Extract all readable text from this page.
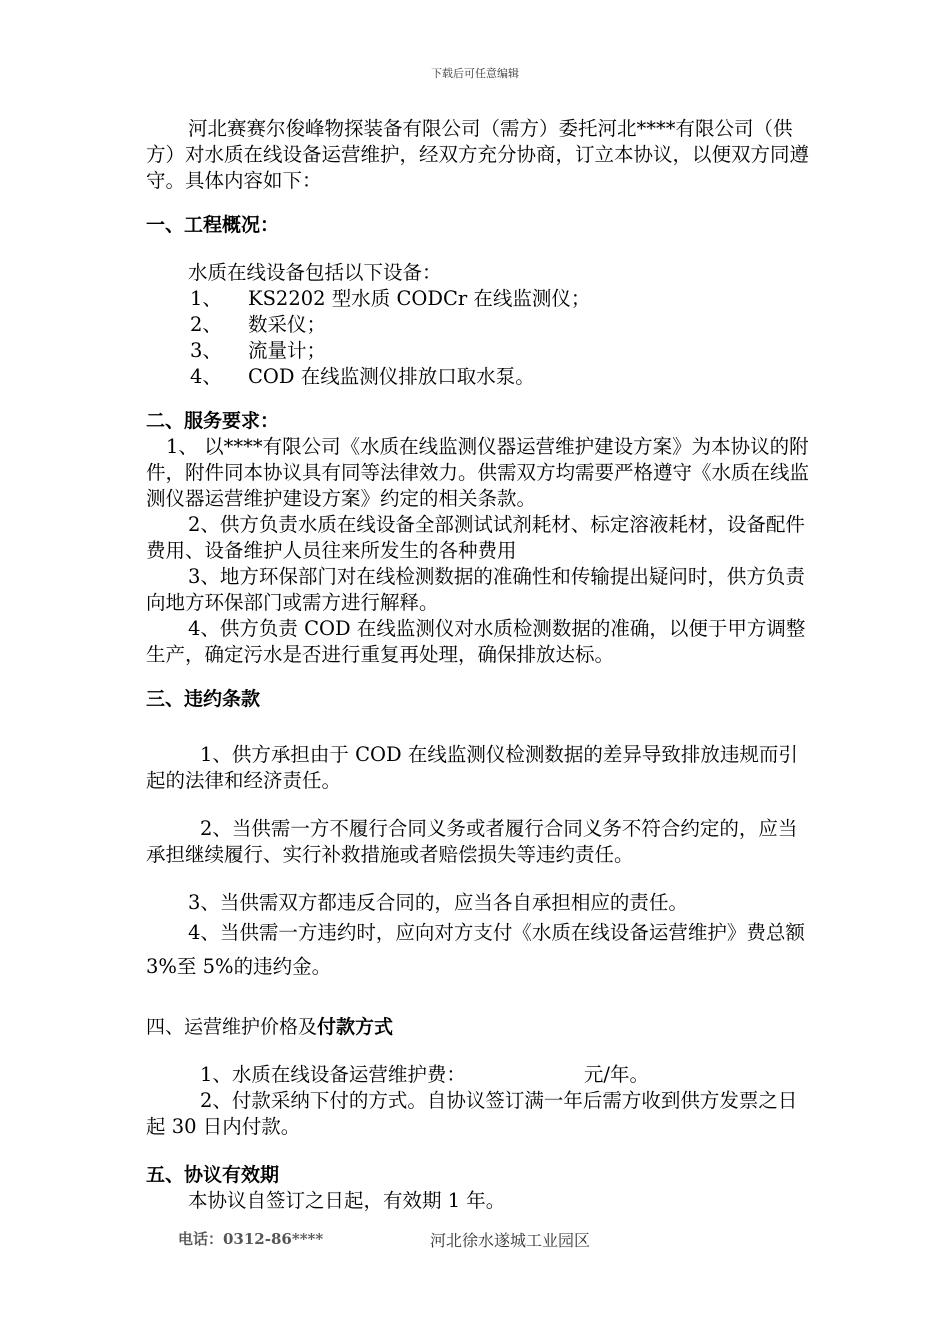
下载后可任意编辑

河北赛赛尔俊峰物探装备有限公司（需方）委托河北****有限公司（供方）对水质在线设备运营维护，经双方充分协商，订立本协议，以便双方同遵守。具体内容如下：

一、工程概况：

水质在线设备包括以下设备：

1、	KS2202 型水质 CODCr 在线监测仪；
2、	数采仪；
3、	流量计；
4、	COD 在线监测仪排放口取水泵。

二、服务要求：

1、 以****有限公司《水质在线监测仪器运营维护建设方案》为本协议的附件，附件同本协议具有同等法律效力。供需双方均需要严格遵守《水质在线监测仪器运营维护建设方案》约定的相关条款。

2、供方负责水质在线设备全部测试试剂耗材、标定溶液耗材，设备配件费用、设备维护人员往来所发生的各种费用

3、地方环保部门对在线检测数据的准确性和传输提出疑问时，供方负责向地方环保部门或需方进行解释。

4、供方负责 COD 在线监测仪对水质检测数据的准确，以便于甲方调整生产，确定污水是否进行重复再处理，确保排放达标。

三、违约条款

1、供方承担由于 COD 在线监测仪检测数据的差异导致排放违规而引起的法律和经济责任。

2、当供需一方不履行合同义务或者履行合同义务不符合约定的，应当承担继续履行、实行补救措施或者赔偿损失等违约责任。

3、当供需双方都违反合同的，应当各自承担相应的责任。

4、当供需一方违约时，应向对方支付《水质在线设备运营维护》费总额 3%至 5%的违约金。

四、运营维护价格及付款方式

1、水质在线设备运营维护费：	元/年。

2、付款采纳下付的方式。自协议签订满一年后需方收到供方发票之日起 30 日内付款。

五、协议有效期

本协议自签订之日起，有效期 1 年。

电话：0312-86****	河北徐水遂城工业园区
